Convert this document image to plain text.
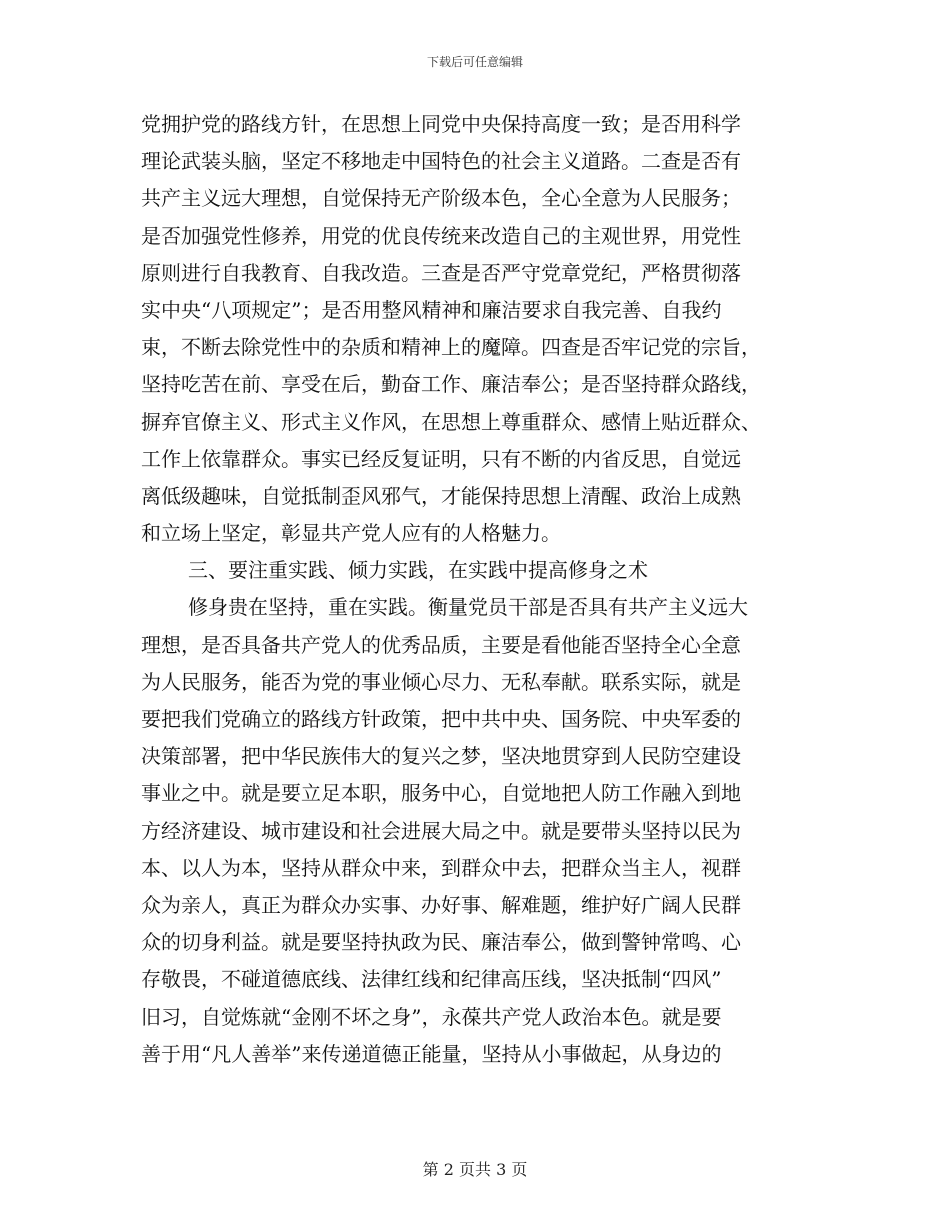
下载后可任意编辑
党拥护党的路线方针，在思想上同党中央保持高度一致；是否用科学
理论武装头脑，坚定不移地走中国特色的社会主义道路。二查是否有
共产主义远大理想，自觉保持无产阶级本色，全心全意为人民服务；
是否加强党性修养，用党的优良传统来改造自己的主观世界，用党性
原则进行自我教育、自我改造。三查是否严守党章党纪，严格贯彻落
实中央“八项规定”；是否用整风精神和廉洁要求自我完善、自我约
束，不断去除党性中的杂质和精神上的魔障。四查是否牢记党的宗旨，
坚持吃苦在前、享受在后，勤奋工作、廉洁奉公；是否坚持群众路线，
摒弃官僚主义、形式主义作风，在思想上尊重群众、感情上贴近群众、
工作上依靠群众。事实已经反复证明，只有不断的内省反思，自觉远
离低级趣味，自觉抵制歪风邪气，才能保持思想上清醒、政治上成熟
和立场上坚定，彰显共产党人应有的人格魅力。
三、要注重实践、倾力实践，在实践中提高修身之术
修身贵在坚持，重在实践。衡量党员干部是否具有共产主义远大
理想，是否具备共产党人的优秀品质，主要是看他能否坚持全心全意
为人民服务，能否为党的事业倾心尽力、无私奉献。联系实际，就是
要把我们党确立的路线方针政策，把中共中央、国务院、中央军委的
决策部署，把中华民族伟大的复兴之梦，坚决地贯穿到人民防空建设
事业之中。就是要立足本职，服务中心，自觉地把人防工作融入到地
方经济建设、城市建设和社会进展大局之中。就是要带头坚持以民为
本、以人为本，坚持从群众中来，到群众中去，把群众当主人，视群
众为亲人，真正为群众办实事、办好事、解难题，维护好广阔人民群
众的切身利益。就是要坚持执政为民、廉洁奉公，做到警钟常鸣、心
存敬畏，不碰道德底线、法律红线和纪律高压线，坚决抵制“四风”
旧习，自觉炼就“金刚不坏之身”，永葆共产党人政治本色。就是要
善于用“凡人善举”来传递道德正能量，坚持从小事做起，从身边的
第 2 页共 3 页
